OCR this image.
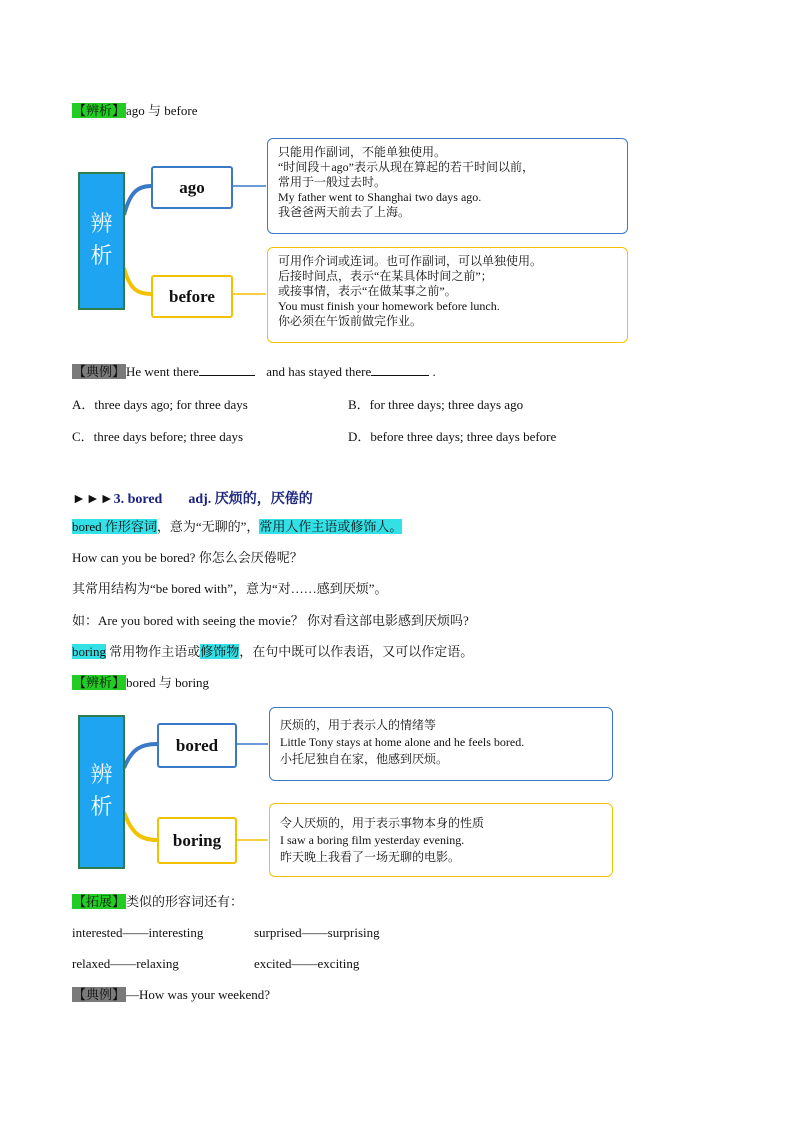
【辨析】ago 与 before
辨
析
ago
before
只能用作副词，不能单独使用。
“时间段＋ago”表示从现在算起的若干时间以前，
常用于一般过去时。
My father went to Shanghai two days ago.
我爸爸两天前去了上海。
可用作介词或连词。也可作副词，可以单独使用。
后接时间点，表示“在某具体时间之前”；
或接事情，表示“在做某事之前”。
You must finish your homework before lunch.
你必须在午饭前做完作业。
【典例】He went there	and has stayed there	.
A．three days ago; for three days	B．for three days; three days ago
C．three days before; three days	D．before three days; three days before
►►►3. bored adj. 厌烦的，厌倦的
bored 作形容词，意为“无聊的”，常用人作主语或修饰人。
How can you be bored? 你怎么会厌倦呢？
其常用结构为“be bored with”，意为“对……感到厌烦”。
如：Are you bored with seeing the movie？ 你对看这部电影感到厌烦吗?
boring 常用物作主语或修饰物，在句中既可以作表语，又可以作定语。
【辨析】bored 与 boring
辨
析
bored
boring
厌烦的，用于表示人的情绪等
Little Tony stays at home alone and he feels bored.
小托尼独自在家，他感到厌烦。
令人厌烦的，用于表示事物本身的性质
I saw a boring film yesterday evening.
昨天晚上我看了一场无聊的电影。
【拓展】类似的形容词还有：
interested——interesting	surprised——surprising
relaxed——relaxing	excited——exciting
【典例】—How was your weekend?
